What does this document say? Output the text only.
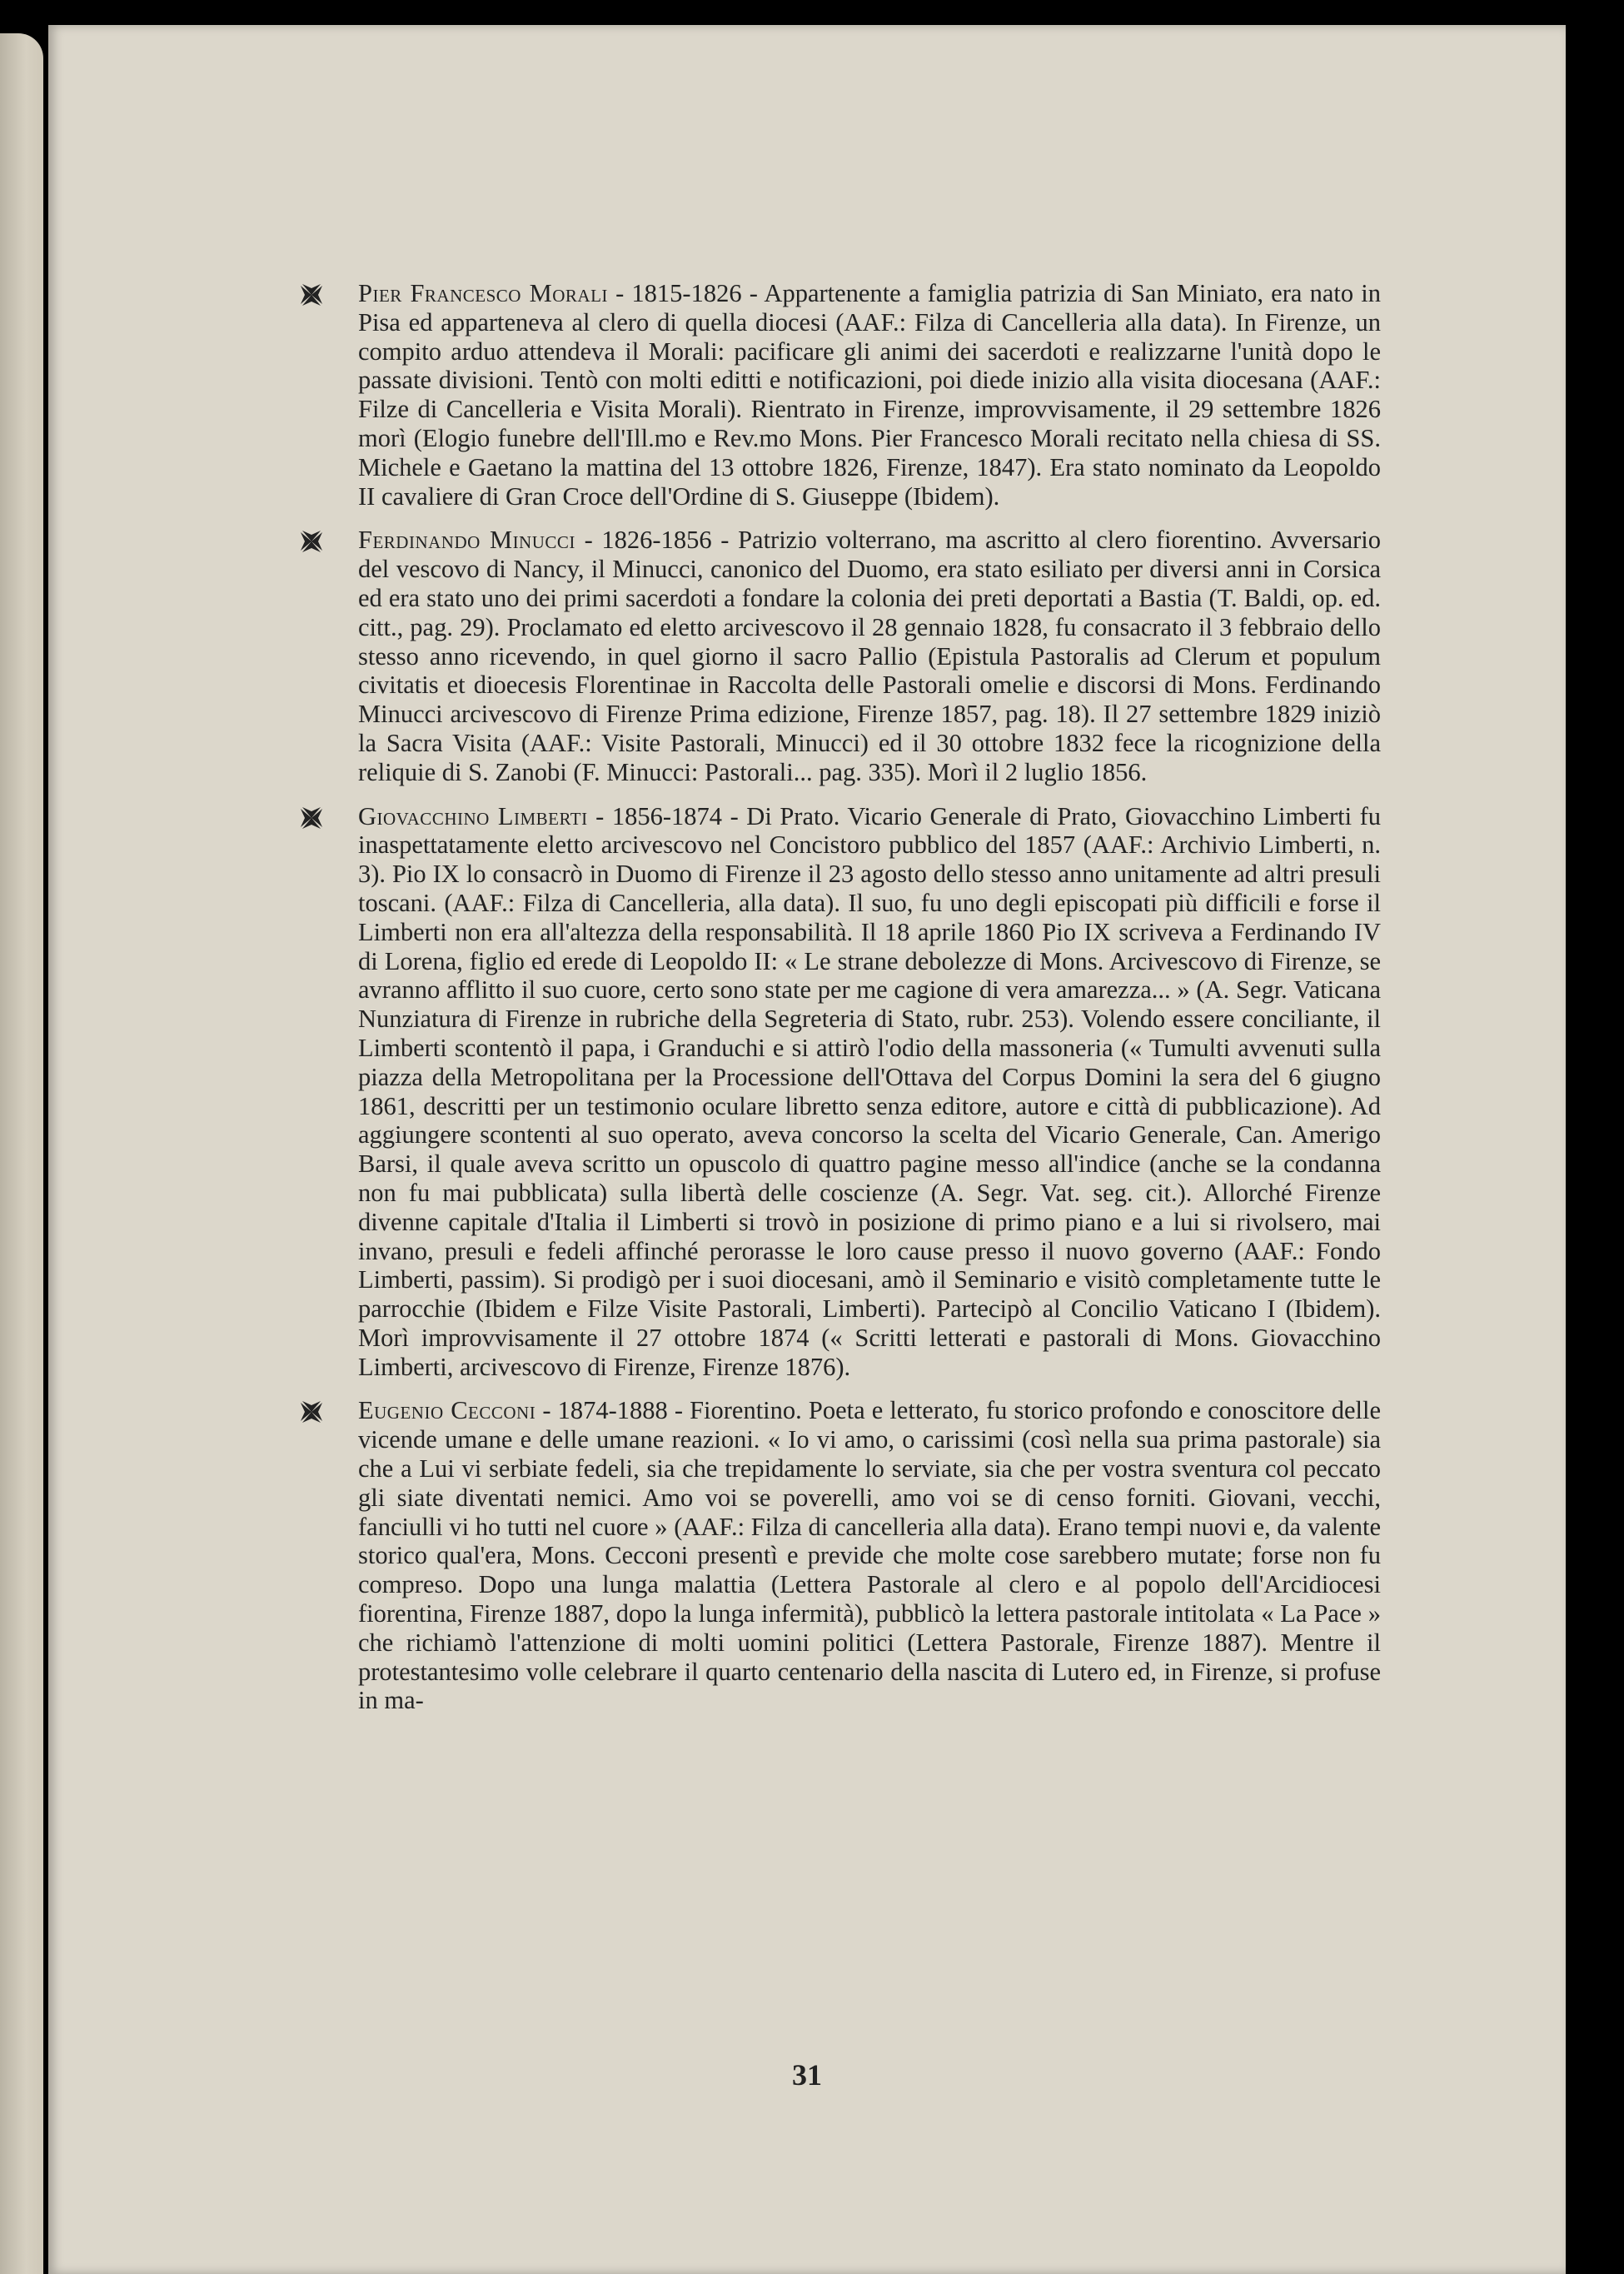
Pier Francesco Morali - 1815-1826 - Appartenente a famiglia patrizia di San Miniato, era nato in Pisa ed apparteneva al clero di quella diocesi (AAF.: Filza di Cancelleria alla data). In Firenze, un compito arduo attendeva il Morali: pacificare gli animi dei sacerdoti e realizzarne l'unità dopo le passate divisioni. Tentò con molti editti e notificazioni, poi diede inizio alla visita diocesana (AAF.: Filze di Cancelleria e Visita Morali). Rientrato in Firenze, improvvisamente, il 29 settembre 1826 morì (Elogio funebre dell'Ill.mo e Rev.mo Mons. Pier Francesco Morali recitato nella chiesa di SS. Michele e Gaetano la mattina del 13 ottobre 1826, Firenze, 1847). Era stato nominato da Leopoldo II cavaliere di Gran Croce dell'Ordine di S. Giuseppe (Ibidem).
Ferdinando Minucci - 1826-1856 - Patrizio volterrano, ma ascritto al clero fiorentino. Avversario del vescovo di Nancy, il Minucci, canonico del Duomo, era stato esiliato per diversi anni in Corsica ed era stato uno dei primi sacerdoti a fondare la colonia dei preti deportati a Bastia (T. Baldi, op. ed. citt., pag. 29). Proclamato ed eletto arcivescovo il 28 gennaio 1828, fu consacrato il 3 febbraio dello stesso anno ricevendo, in quel giorno il sacro Pallio (Epistula Pastoralis ad Clerum et populum civitatis et dioecesis Florentinae in Raccolta delle Pastorali omelie e discorsi di Mons. Ferdinando Minucci arcivescovo di Firenze Prima edizione, Firenze 1857, pag. 18). Il 27 settembre 1829 iniziò la Sacra Visita (AAF.: Visite Pastorali, Minucci) ed il 30 ottobre 1832 fece la ricognizione della reliquie di S. Zanobi (F. Minucci: Pastorali... pag. 335). Morì il 2 luglio 1856.
Giovacchino Limberti - 1856-1874 - Di Prato. Vicario Generale di Prato, Giovacchino Limberti fu inaspettatamente eletto arcivescovo nel Concistoro pubblico del 1857 (AAF.: Archivio Limberti, n. 3). Pio IX lo consacrò in Duomo di Firenze il 23 agosto dello stesso anno unitamente ad altri presuli toscani. (AAF.: Filza di Cancelleria, alla data). Il suo, fu uno degli episcopati più difficili e forse il Limberti non era all'altezza della responsabilità. Il 18 aprile 1860 Pio IX scriveva a Ferdinando IV di Lorena, figlio ed erede di Leopoldo II: « Le strane debolezze di Mons. Arcivescovo di Firenze, se avranno afflitto il suo cuore, certo sono state per me cagione di vera amarezza... » (A. Segr. Vaticana Nunziatura di Firenze in rubriche della Segreteria di Stato, rubr. 253). Volendo essere conciliante, il Limberti scontentò il papa, i Granduchi e si attirò l'odio della massoneria (« Tumulti avvenuti sulla piazza della Metropolitana per la Processione dell'Ottava del Corpus Domini la sera del 6 giugno 1861, descritti per un testimonio oculare libretto senza editore, autore e città di pubblicazione). Ad aggiungere scontenti al suo operato, aveva concorso la scelta del Vicario Generale, Can. Amerigo Barsi, il quale aveva scritto un opuscolo di quattro pagine messo all'indice (anche se la condanna non fu mai pubblicata) sulla libertà delle coscienze (A. Segr. Vat. seg. cit.). Allorché Firenze divenne capitale d'Italia il Limberti si trovò in posizione di primo piano e a lui si rivolsero, mai invano, presuli e fedeli affinché perorasse le loro cause presso il nuovo governo (AAF.: Fondo Limberti, passim). Si prodigò per i suoi diocesani, amò il Seminario e visitò completamente tutte le parrocchie (Ibidem e Filze Visite Pastorali, Limberti). Partecipò al Concilio Vaticano I (Ibidem). Morì improvvisamente il 27 ottobre 1874 (« Scritti letterati e pastorali di Mons. Giovacchino Limberti, arcivescovo di Firenze, Firenze 1876).
Eugenio Cecconi - 1874-1888 - Fiorentino. Poeta e letterato, fu storico profondo e conoscitore delle vicende umane e delle umane reazioni. « Io vi amo, o carissimi (così nella sua prima pastorale) sia che a Lui vi serbiate fedeli, sia che trepidamente lo serviate, sia che per vostra sventura col peccato gli siate diventati nemici. Amo voi se poverelli, amo voi se di censo forniti. Giovani, vecchi, fanciulli vi ho tutti nel cuore » (AAF.: Filza di cancelleria alla data). Erano tempi nuovi e, da valente storico qual'era, Mons. Cecconi presentì e previde che molte cose sarebbero mutate; forse non fu compreso. Dopo una lunga malattia (Lettera Pastorale al clero e al popolo dell'Arcidiocesi fiorentina, Firenze 1887, dopo la lunga infermità), pubblicò la lettera pastorale intitolata « La Pace » che richiamò l'attenzione di molti uomini politici (Lettera Pastorale, Firenze 1887). Mentre il protestantesimo volle celebrare il quarto centenario della nascita di Lutero ed, in Firenze, si profuse in ma-
31
